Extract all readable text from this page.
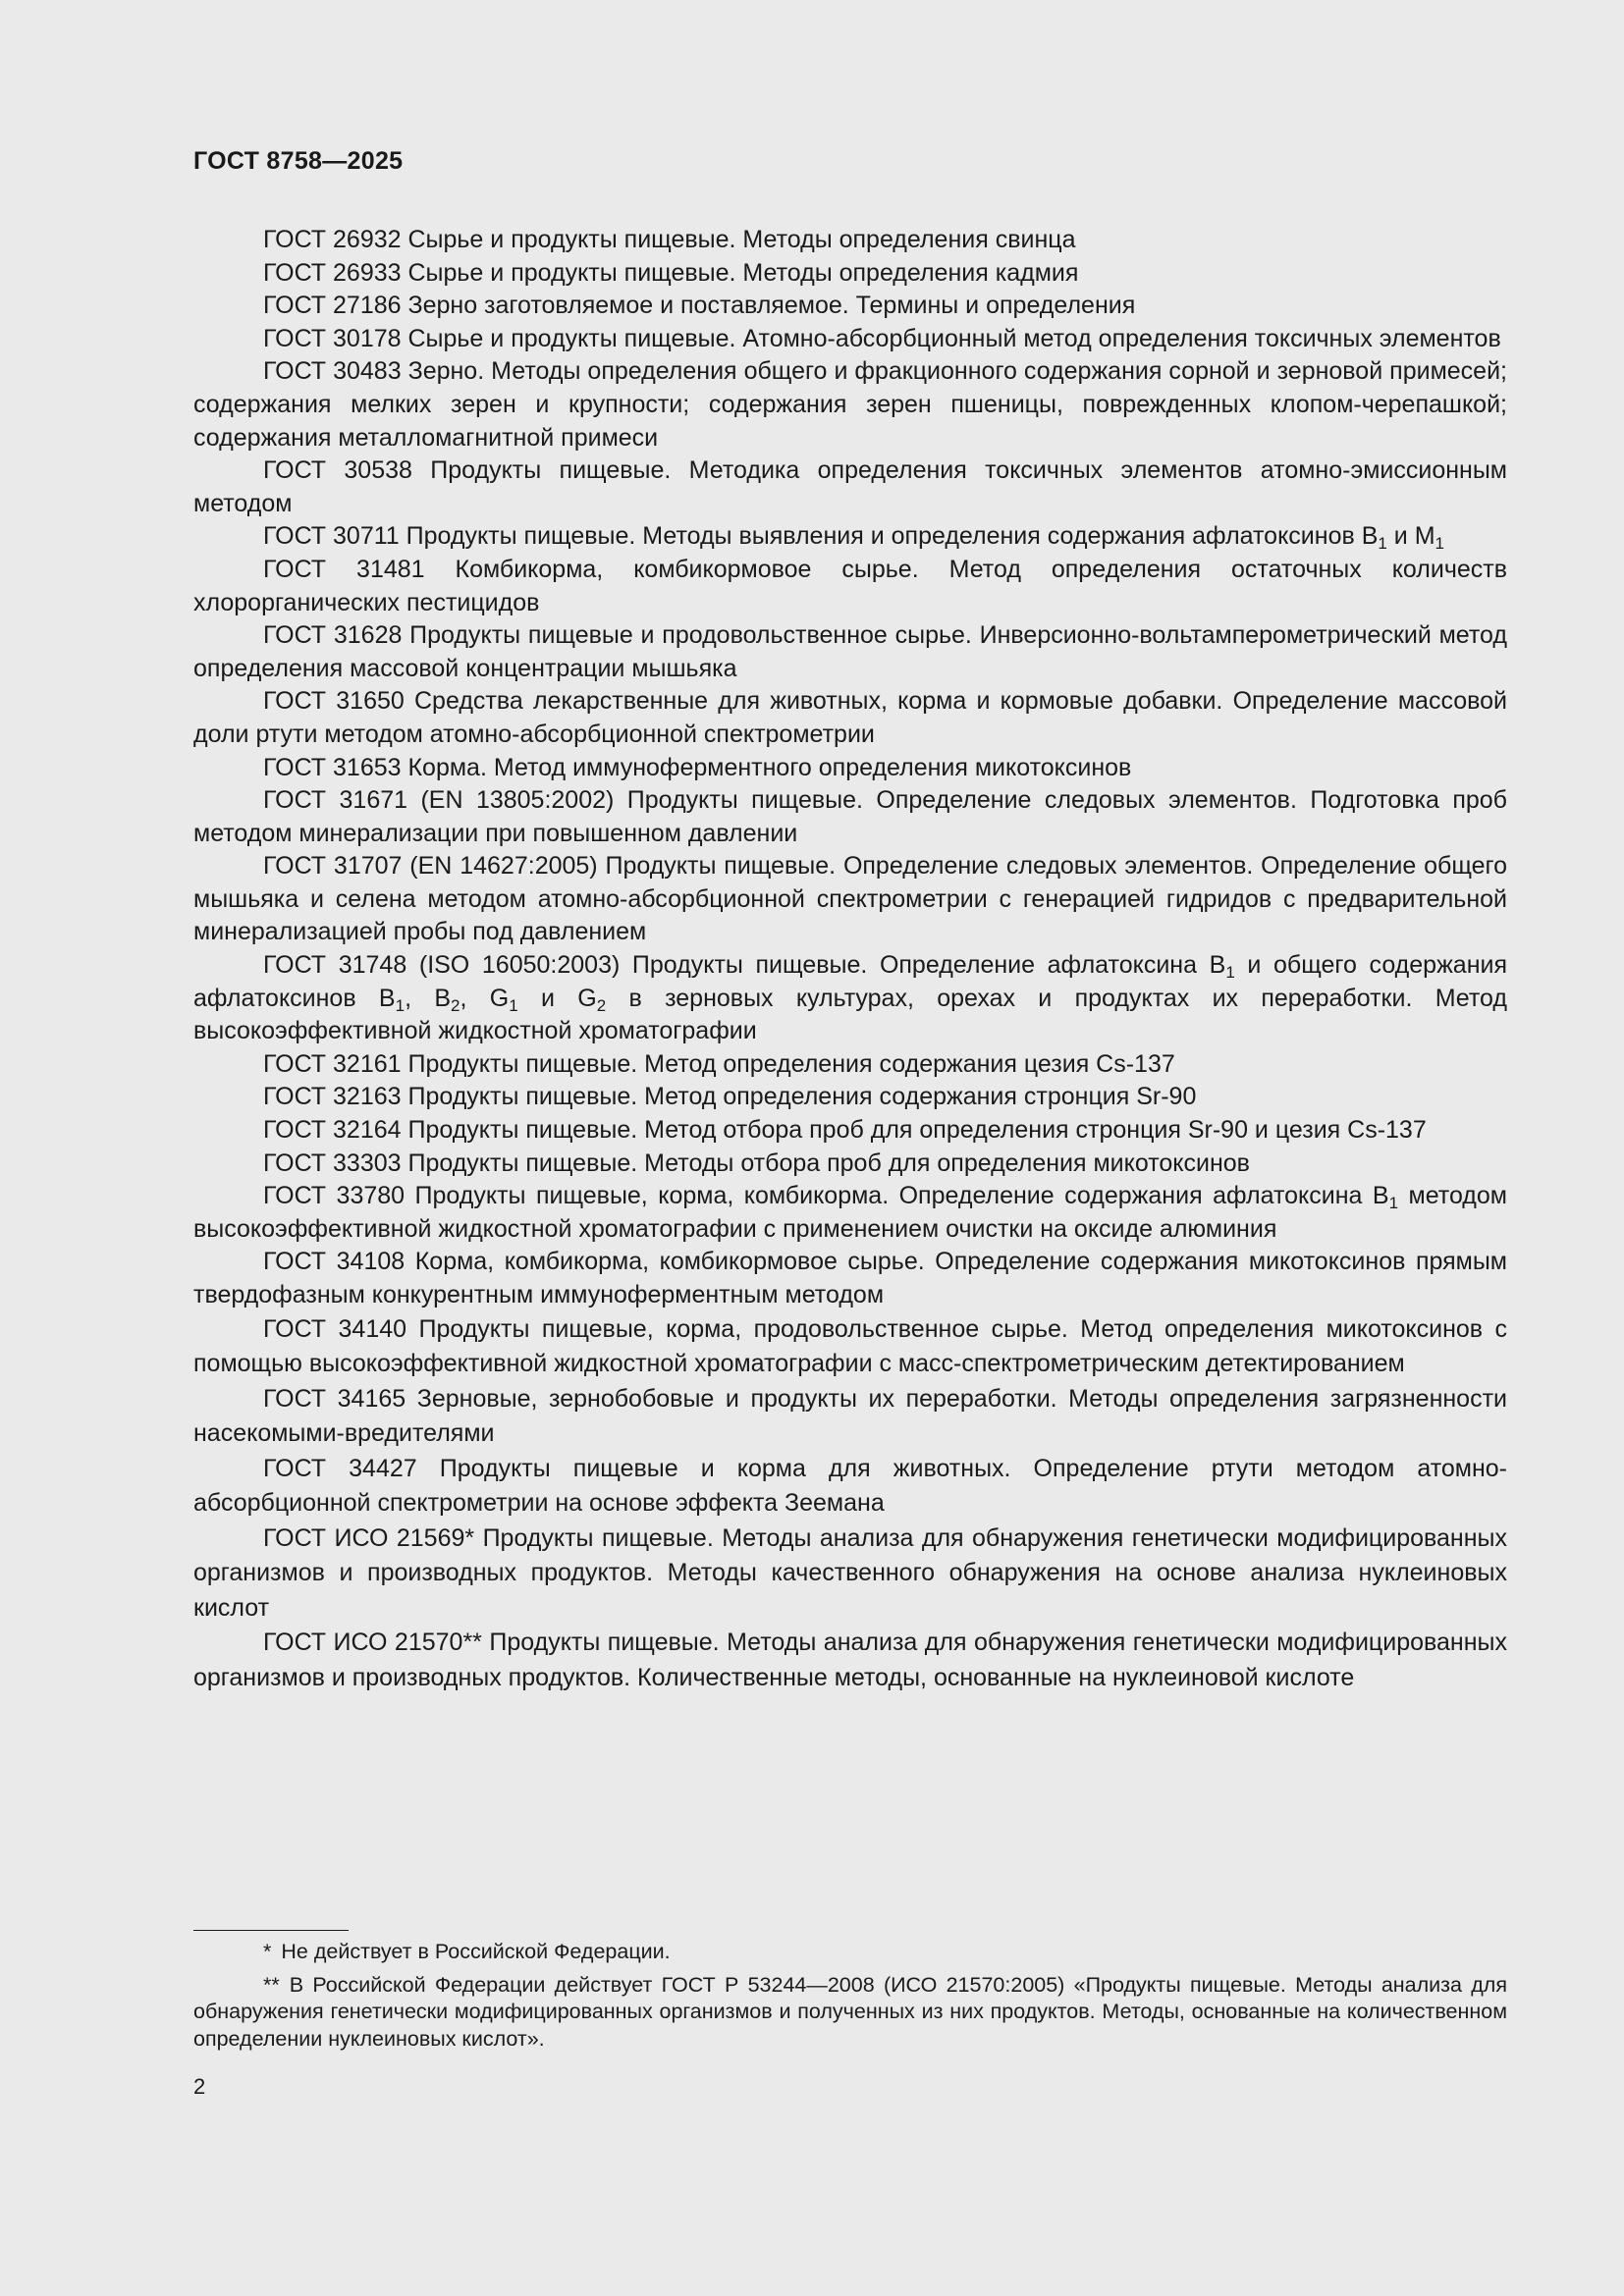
ГОСТ 8758—2025

ГОСТ 26932 Сырье и продукты пищевые. Методы определения свинца

ГОСТ 26933 Сырье и продукты пищевые. Методы определения кадмия

ГОСТ 27186 Зерно заготовляемое и поставляемое. Термины и определения

ГОСТ 30178 Сырье и продукты пищевые. Атомно-абсорбционный метод определения токсичных элементов

ГОСТ 30483 Зерно. Методы определения общего и фракционного содержания сорной и зерновой примесей; содержания мелких зерен и крупности; содержания зерен пшеницы, поврежденных клопом-черепашкой; содержания металломагнитной примеси

ГОСТ 30538 Продукты пищевые. Методика определения токсичных элементов атомно-эмиссионным методом

ГОСТ 30711 Продукты пищевые. Методы выявления и определения содержания афлатоксинов $В_1$ и $М_1$

ГОСТ 31481 Комбикорма, комбикормовое сырье. Метод определения остаточных количеств хлорорганических пестицидов

ГОСТ 31628 Продукты пищевые и продовольственное сырье. Инверсионно-вольтамперометрический метод определения массовой концентрации мышьяка

ГОСТ 31650 Средства лекарственные для животных, корма и кормовые добавки. Определение массовой доли ртути методом атомно-абсорбционной спектрометрии

ГОСТ 31653 Корма. Метод иммуноферментного определения микотоксинов

ГОСТ 31671 (EN 13805:2002) Продукты пищевые. Определение следовых элементов. Подготовка проб методом минерализации при повышенном давлении

ГОСТ 31707 (EN 14627:2005) Продукты пищевые. Определение следовых элементов. Определение общего мышьяка и селена методом атомно-абсорбционной спектрометрии с генерацией гидридов с предварительной минерализацией пробы под давлением

ГОСТ 31748 (ISO 16050:2003) Продукты пищевые. Определение афлатоксина $В_1$ и общего содержания афлатоксинов $В_1$, $В_2$, $G_1$ и $G_2$ в зерновых культурах, орехах и продуктах их переработки. Метод высокоэффективной жидкостной хроматографии

ГОСТ 32161 Продукты пищевые. Метод определения содержания цезия Cs-137

ГОСТ 32163 Продукты пищевые. Метод определения содержания стронция Sr-90

ГОСТ 32164 Продукты пищевые. Метод отбора проб для определения стронция Sr-90 и цезия Cs-137

ГОСТ 33303 Продукты пищевые. Методы отбора проб для определения микотоксинов

ГОСТ 33780 Продукты пищевые, корма, комбикорма. Определение содержания афлатоксина $В_1$ методом высокоэффективной жидкостной хроматографии с применением очистки на оксиде алюминия

ГОСТ 34108 Корма, комбикорма, комбикормовое сырье. Определение содержания микотоксинов прямым твердофазным конкурентным иммуноферментным методом

ГОСТ 34140 Продукты пищевые, корма, продовольственное сырье. Метод определения микотоксинов с помощью высокоэффективной жидкостной хроматографии с масс-спектрометрическим детектированием

ГОСТ 34165 Зерновые, зернобобовые и продукты их переработки. Методы определения загрязненности насекомыми-вредителями

ГОСТ 34427 Продукты пищевые и корма для животных. Определение ртути методом атомно-абсорбционной спектрометрии на основе эффекта Зеемана

ГОСТ ИСО 21569* Продукты пищевые. Методы анализа для обнаружения генетически модифицированных организмов и производных продуктов. Методы качественного обнаружения на основе анализа нуклеиновых кислот

ГОСТ ИСО 21570** Продукты пищевые. Методы анализа для обнаружения генетически модифицированных организмов и производных продуктов. Количественные методы, основанные на нуклеиновой кислоте

* Не действует в Российской Федерации.

** В Российской Федерации действует ГОСТ Р 53244—2008 (ИСО 21570:2005) «Продукты пищевые. Методы анализа для обнаружения генетически модифицированных организмов и полученных из них продуктов. Методы, основанные на количественном определении нуклеиновых кислот».

2
